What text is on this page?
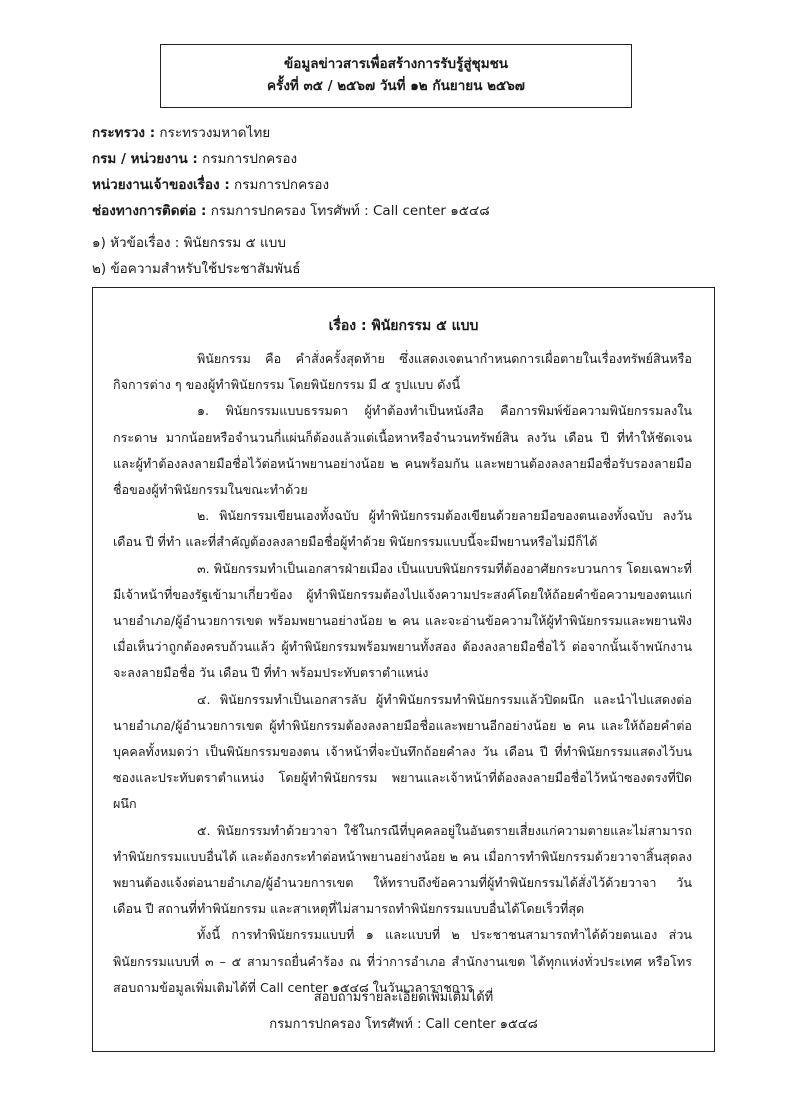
ข้อมูลข่าวสารเพื่อสร้างการรับรู้สู่ชุมชน
ครั้งที่ ๓๕ / ๒๕๖๗ วันที่ ๑๒ กันยายน ๒๕๖๗
กระทรวง : กระทรวงมหาดไทย
กรม / หน่วยงาน : กรมการปกครอง
หน่วยงานเจ้าของเรื่อง : กรมการปกครอง
ช่องทางการติดต่อ : กรมการปกครอง โทรศัพท์ : Call center ๑๕๔๘
๑) หัวข้อเรื่อง : พินัยกรรม ๕ แบบ
๒) ข้อความสำหรับใช้ประชาสัมพันธ์
เรื่อง : พินัยกรรม ๕ แบบ

พินัยกรรม คือ คำสั่งครั้งสุดท้าย ซึ่งแสดงเจตนากำหนดการเผื่อตายในเรื่องทรัพย์สินหรือกิจการต่าง ๆ ของผู้ทำพินัยกรรม โดยพินัยกรรม มี ๕ รูปแบบ ดังนี้

๑. พินัยกรรมแบบธรรมดา ผู้ทำต้องทำเป็นหนังสือ คือการพิมพ์ข้อความพินัยกรรมลงในกระดาษ มากน้อยหรือจำนวนกี่แผ่นก็ต้องแล้วแต่เนื้อหาหรือจำนวนทรัพย์สิน ลงวัน เดือน ปี ที่ทำให้ชัดเจน และผู้ทำต้องลงลายมือชื่อไว้ต่อหน้าพยานอย่างน้อย ๒ คนพร้อมกัน และพยานต้องลงลายมือชื่อรับรองลายมือชื่อของผู้ทำพินัยกรรมในขณะทำด้วย

๒. พินัยกรรมเขียนเองทั้งฉบับ ผู้ทำพินัยกรรมต้องเขียนด้วยลายมือของตนเองทั้งฉบับ ลงวัน เดือน ปี ที่ทำ และที่สำคัญต้องลงลายมือชื่อผู้ทำด้วย พินัยกรรมแบบนี้จะมีพยานหรือไม่มีก็ได้

๓. พินัยกรรมทำเป็นเอกสารฝ่ายเมือง เป็นแบบพินัยกรรมที่ต้องอาศัยกระบวนการ โดยเฉพาะที่มีเจ้าหน้าที่ของรัฐเข้ามาเกี่ยวข้อง ผู้ทำพินัยกรรมต้องไปแจ้งความประสงค์โดยให้ถ้อยคำข้อความของตนแก่นายอำเภอ/ผู้อำนวยการเขต พร้อมพยานอย่างน้อย ๒ คน และจะอ่านข้อความให้ผู้ทำพินัยกรรมและพยานฟัง เมื่อเห็นว่าถูกต้องครบถ้วนแล้ว ผู้ทำพินัยกรรมพร้อมพยานทั้งสอง ต้องลงลายมือชื่อไว้ ต่อจากนั้นเจ้าพนักงานจะลงลายมือชื่อ วัน เดือน ปี ที่ทำ พร้อมประทับตราตำแหน่ง

๔. พินัยกรรมทำเป็นเอกสารลับ ผู้ทำพินัยกรรมทำพินัยกรรมแล้วปิดผนึก และนำไปแสดงต่อนายอำเภอ/ผู้อำนวยการเขต ผู้ทำพินัยกรรมต้องลงลายมือชื่อและพยานอีกอย่างน้อย ๒ คน และให้ถ้อยคำต่อบุคคลทั้งหมดว่า เป็นพินัยกรรมของตน เจ้าหน้าที่จะบันทึกถ้อยคำลง วัน เดือน ปี ที่ทำพินัยกรรมแสดงไว้บนซองและประทับตราตำแหน่ง โดยผู้ทำพินัยกรรม พยานและเจ้าหน้าที่ต้องลงลายมือชื่อไว้หน้าซองตรงที่ปิดผนึก

๕. พินัยกรรมทำด้วยวาจา ใช้ในกรณีที่บุคคลอยู่ในอันตรายเสี่ยงแก่ความตายและไม่สามารถทำพินัยกรรมแบบอื่นได้ และต้องกระทำต่อหน้าพยานอย่างน้อย ๒ คน เมื่อการทำพินัยกรรมด้วยวาจาสิ้นสุดลง พยานต้องแจ้งต่อนายอำเภอ/ผู้อำนวยการเขต ให้ทราบถึงข้อความที่ผู้ทำพินัยกรรมได้สั่งไว้ด้วยวาจา วัน เดือน ปี สถานที่ทำพินัยกรรม และสาเหตุที่ไม่สามารถทำพินัยกรรมแบบอื่นได้โดยเร็วที่สุด

ทั้งนี้ การทำพินัยกรรมแบบที่ ๑ และแบบที่ ๒ ประชาชนสามารถทำได้ด้วยตนเอง ส่วนพินัยกรรมแบบที่ ๓ – ๕ สามารถยื่นคำร้อง ณ ที่ว่าการอำเภอ สำนักงานเขต ได้ทุกแห่งทั่วประเทศ หรือโทรสอบถามข้อมูลเพิ่มเติมได้ที่ Call center ๑๕๔๘ ในวันเวลาราชการ

สอบถามรายละเอียดเพิ่มเติมได้ที่
กรมการปกครอง โทรศัพท์ : Call center ๑๕๔๘
